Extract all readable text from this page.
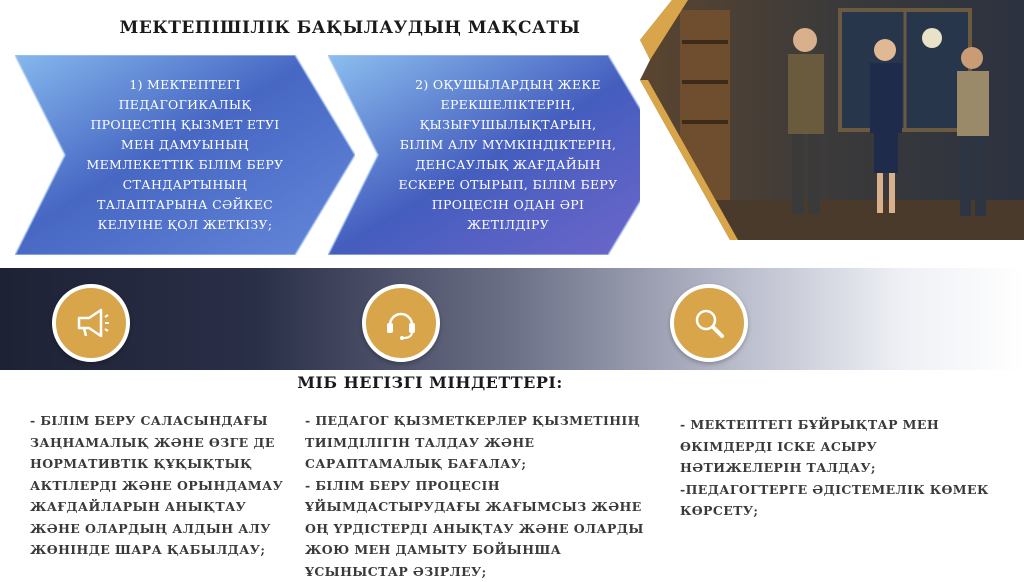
МЕКТЕПІШІЛІК БАҚЫЛАУДЫҢ МАҚСАТЫ
1) МЕКТЕПТЕГІ ПЕДАГОГИКАЛЫҚ ПРОЦЕСТІҢ ҚЫЗМЕТ ЕТУІ МЕН ДАМУЫНЫҢ МЕМЛЕКЕТТІК БІЛІМ БЕРУ СТАНДАРТЫНЫҢ ТАЛАПТАРЫНА СӘЙКЕС КЕЛУІНЕ ҚОЛ ЖЕТКІЗУ;
2) ОҚУШЫЛАРДЫҢ ЖЕКЕ ЕРЕКШЕЛІКТЕРІН, ҚЫЗЫҒУШЫЛЫҚТАРЫН, БІЛІМ АЛУ МҮМКІНДІКТЕРІН, ДЕНСАУЛЫҚ ЖАҒДАЙЫН ЕСКЕРЕ ОТЫРЫП, БІЛІМ БЕРУ ПРОЦЕСІН ОДАН ӘРІ ЖЕТІЛДІРУ
МІБ НЕГІЗГІ МІНДЕТТЕРІ:

- БІЛІМ БЕРУ САЛАСЫНДАҒЫ ЗАҢНАМАЛЫҚ ЖӘНЕ ӨЗГЕ ДЕ НОРМАТИВТІК ҚҰҚЫҚТЫҚ АКТІЛЕРДІ ЖӘНЕ ОРЫНДАМАУ ЖАҒДАЙЛАРЫН АНЫҚТАУ ЖӘНЕ ОЛАРДЫҢ АЛДЫН АЛУ ЖӨНІНДЕ ШАРА ҚАБЫЛДАУ;

- ПЕДАГОГ ҚЫЗМЕТКЕРЛЕР ҚЫЗМЕТІНІҢ ТИІМДІЛІГІН ТАЛДАУ ЖӘНЕ САРАПТАМАЛЫҚ БАҒАЛАУ;

- БІЛІМ БЕРУ ПРОЦЕСІН ҰЙЫМДАСТЫРУДАҒЫ ЖАҒЫМСЫЗ ЖӘНЕ ОҢ ҮРДІСТЕРДІ АНЫҚТАУ ЖӘНЕ ОЛАРДЫ ЖОЮ МЕН ДАМЫТУ БОЙЫНША ҰСЫНЫСТАР ӘЗІРЛЕУ;

- МЕКТЕПТЕГІ БҰЙРЫҚТАР МЕН ӨКІМДЕРДІ ІСКЕ АСЫРУ НӘТИЖЕЛЕРІН ТАЛДАУ;

-ПЕДАГОГТЕРГЕ ӘДІСТЕМЕЛІК КӨМЕК КӨРСЕТУ;
